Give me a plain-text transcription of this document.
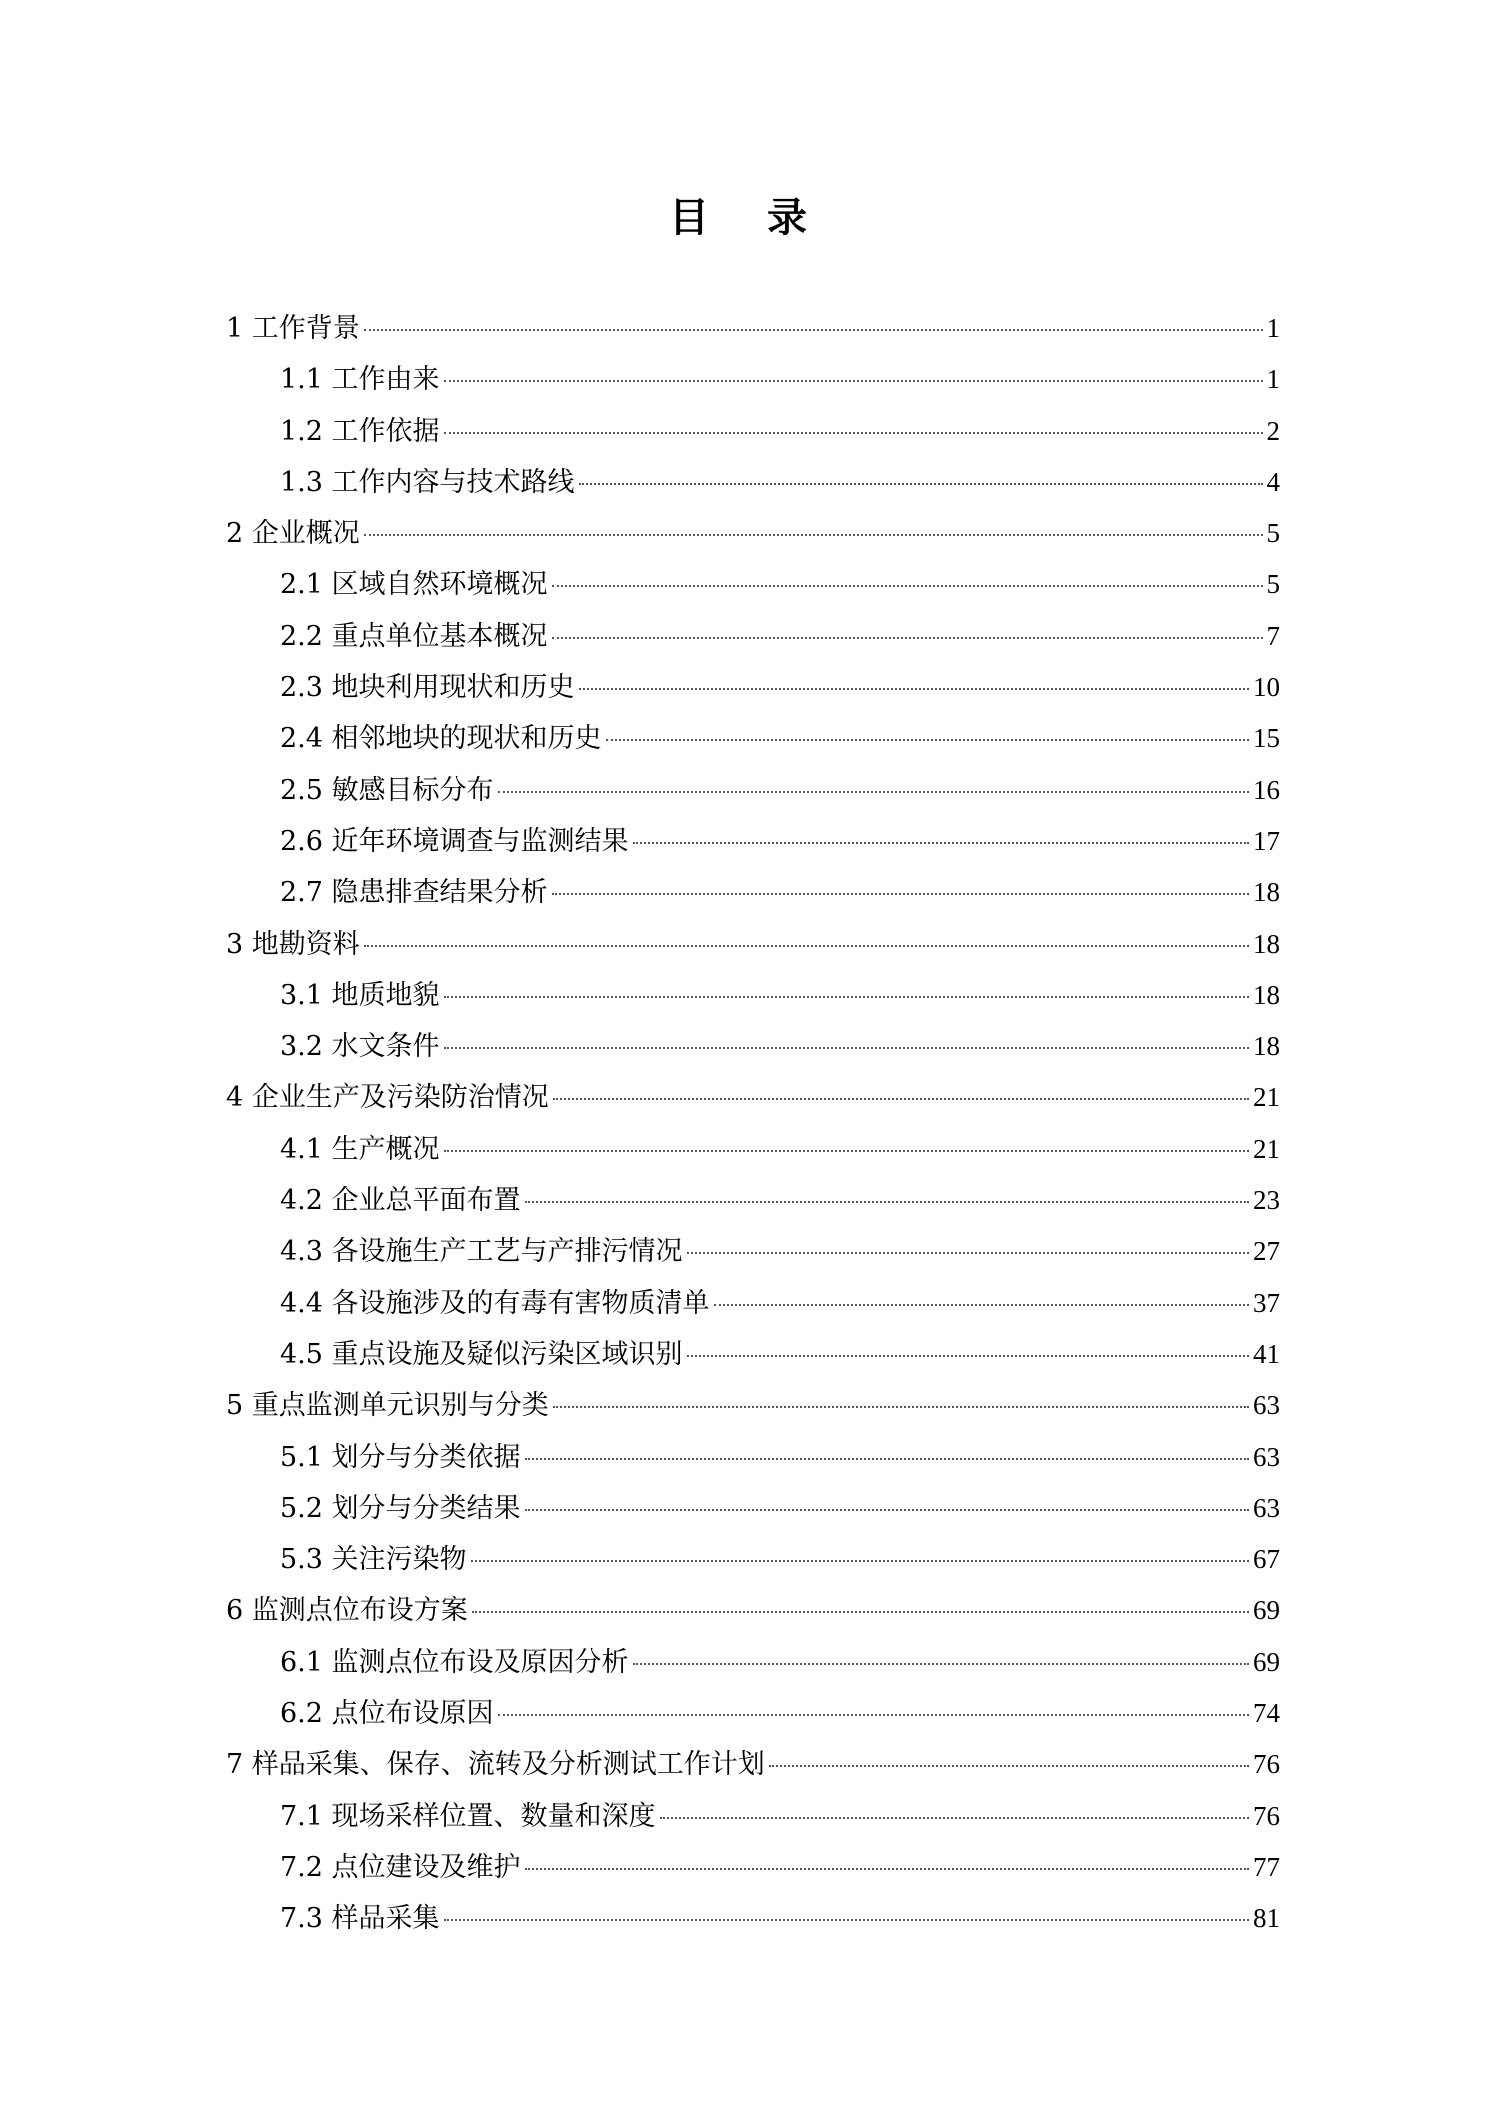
目 录
1 工作背景	1
1.1 工作由来	1
1.2 工作依据	2
1.3 工作内容与技术路线	4
2 企业概况	5
2.1 区域自然环境概况	5
2.2 重点单位基本概况	7
2.3 地块利用现状和历史	10
2.4 相邻地块的现状和历史	15
2.5 敏感目标分布	16
2.6 近年环境调查与监测结果	17
2.7 隐患排查结果分析	18
3 地勘资料	18
3.1 地质地貌	18
3.2 水文条件	18
4 企业生产及污染防治情况	21
4.1 生产概况	21
4.2 企业总平面布置	23
4.3 各设施生产工艺与产排污情况	27
4.4 各设施涉及的有毒有害物质清单	37
4.5 重点设施及疑似污染区域识别	41
5 重点监测单元识别与分类	63
5.1 划分与分类依据	63
5.2 划分与分类结果	63
5.3 关注污染物	67
6 监测点位布设方案	69
6.1 监测点位布设及原因分析	69
6.2 点位布设原因	74
7 样品采集、保存、流转及分析测试工作计划	76
7.1 现场采样位置、数量和深度	76
7.2 点位建设及维护	77
7.3 样品采集	81
